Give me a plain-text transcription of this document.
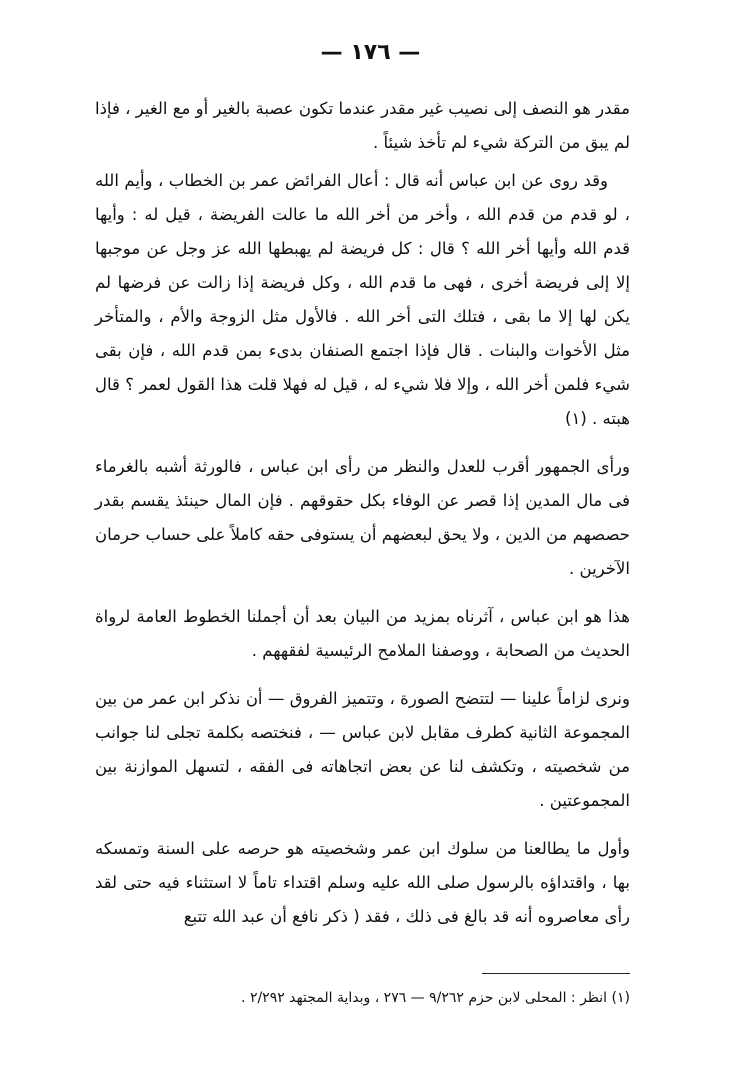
— ١٧٦ —

مقدر هو النصف إلى نصيب غير مقدر عندما تكون عصبة بالغير أو مع الغير ، فإذا لم يبق من التركة شيء لم تأخذ شيئاً .

وقد روى عن ابن عباس أنه قال : أعال الفرائض عمر بن الخطاب ، وأيم الله ، لو قدم من قدم الله ، وأخر من أخر الله ما عالت الفريضة ، قيل له : وأيها قدم الله وأيها أخر الله ؟ قال : كل فريضة لم يهبطها الله عز وجل عن موجبها إلا إلى فريضة أخرى ، فهى ما قدم الله ، وكل فريضة إذا زالت عن فرضها لم يكن لها إلا ما بقى ، فتلك التى أخر الله . فالأول مثل الزوجة والأم ، والمتأخر مثل الأخوات والبنات . قال فإذا اجتمع الصنفان بدىء بمن قدم الله ، فإن بقى شيء فلمن أخر الله ، وإلا فلا شيء له ، قيل له فهلا قلت هذا القول لعمر ؟ قال هبته . (١)

ورأى الجمهور أقرب للعدل والنظر من رأى ابن عباس ، فالورثة أشبه بالغرماء فى مال المدين إذا قصر عن الوفاء بكل حقوقهم . فإن المال حينئذ يقسم بقدر حصصهم من الدين ، ولا يحق لبعضهم أن يستوفى حقه كاملاً على حساب حرمان الآخرين .

هذا هو ابن عباس ، آثرناه بمزيد من البيان بعد أن أجملنا الخطوط العامة لرواة الحديث من الصحابة ، ووصفنا الملامح الرئيسية لفقههم .

ونرى لزاماً علينا — لتتضح الصورة ، وتتميز الفروق — أن نذكر ابن عمر من بين المجموعة الثانية كطرف مقابل لابن عباس — ، فنختصه بكلمة تجلى لنا جوانب من شخصيته ، وتكشف لنا عن بعض اتجاهاته فى الفقه ، لتسهل الموازنة بين المجموعتين .

وأول ما يطالعنا من سلوك ابن عمر وشخصيته هو حرصه على السنة وتمسكه بها ، واقتداؤه بالرسول صلى الله عليه وسلم اقتداء تاماً لا استثناء فيه حتى لقد رأى معاصروه أنه قد بالغ فى ذلك ، فقد ( ذكر نافع أن عبد الله تتبع

(١) انظر : المحلى لابن حزم ٩/٢٦٢ — ٢٧٦ ، وبداية المجتهد ٢/٢٩٢ .
